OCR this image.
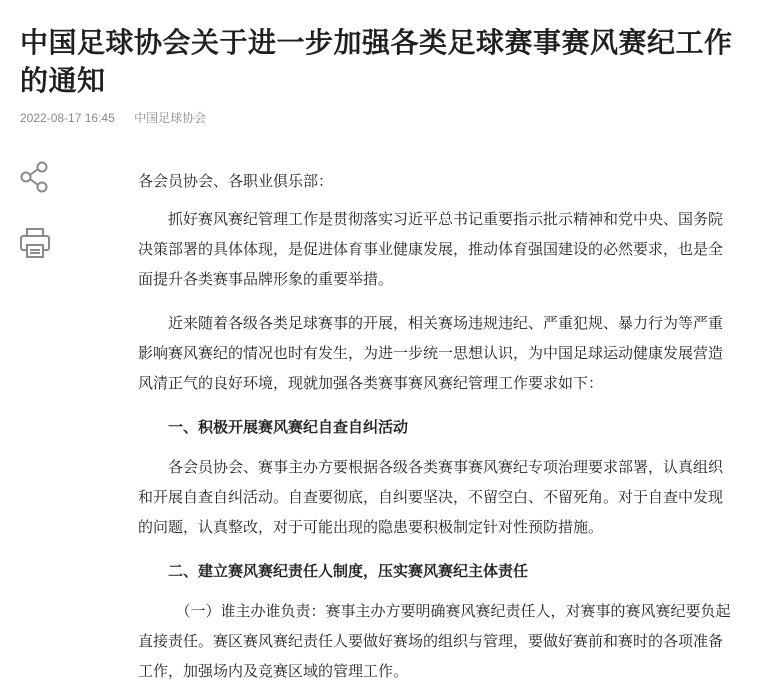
中国足球协会关于进一步加强各类足球赛事赛风赛纪工作的通知
2022-08-17 16:45 中国足球协会

各会员协会、各职业俱乐部：

抓好赛风赛纪管理工作是贯彻落实习近平总书记重要指示批示精神和党中央、国务院决策部署的具体体现，是促进体育事业健康发展，推动体育强国建设的必然要求，也是全面提升各类赛事品牌形象的重要举措。

近来随着各级各类足球赛事的开展，相关赛场违规违纪、严重犯规、暴力行为等严重影响赛风赛纪的情况也时有发生，为进一步统一思想认识，为中国足球运动健康发展营造风清正气的良好环境，现就加强各类赛事赛风赛纪管理工作要求如下：

一、积极开展赛风赛纪自查自纠活动

各会员协会、赛事主办方要根据各级各类赛事赛风赛纪专项治理要求部署，认真组织和开展自查自纠活动。自查要彻底，自纠要坚决，不留空白、不留死角。对于自查中发现的问题，认真整改，对于可能出现的隐患要积极制定针对性预防措施。

二、建立赛风赛纪责任人制度，压实赛风赛纪主体责任

（一）谁主办谁负责：赛事主办方要明确赛风赛纪责任人，对赛事的赛风赛纪要负起直接责任。赛区赛风赛纪责任人要做好赛场的组织与管理，要做好赛前和赛时的各项准备工作，加强场内及竞赛区域的管理工作。
